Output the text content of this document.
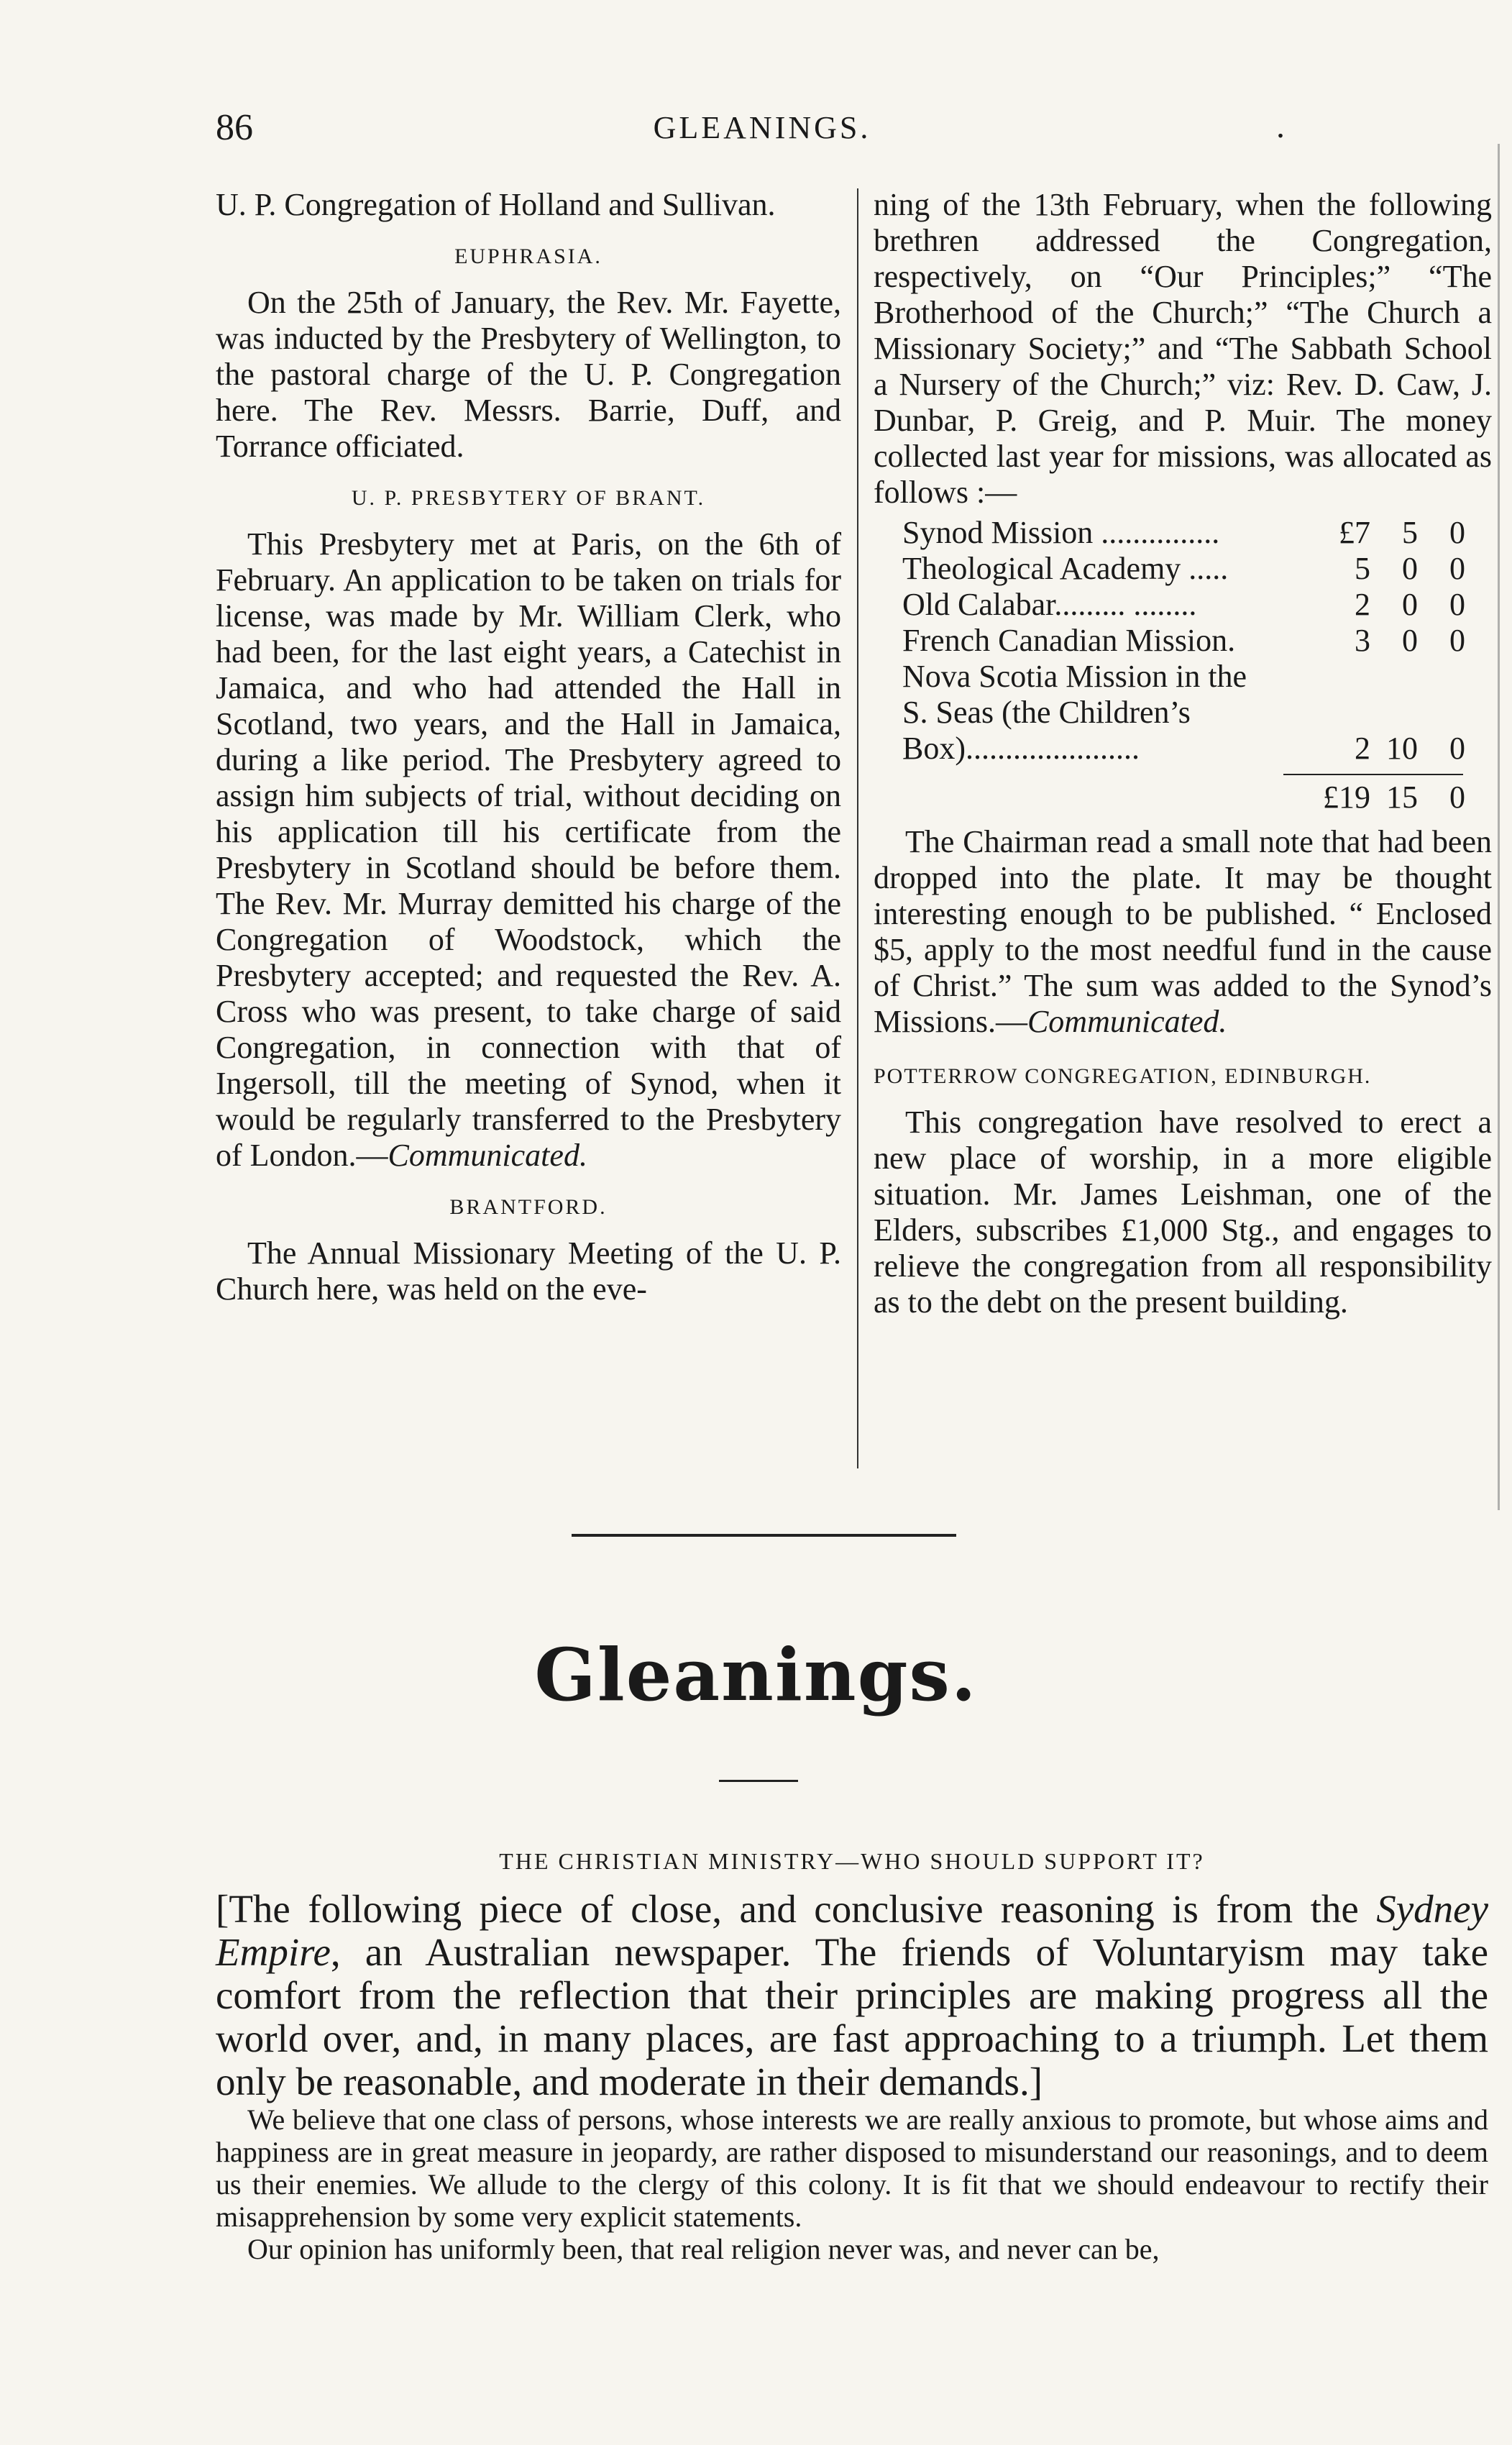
86	GLEANINGS.	.

U. P. Congregation of Holland and Sullivan.

EUPHRASIA.

On the 25th of January, the Rev. Mr. Fayette, was inducted by the Presbytery of Wellington, to the pastoral charge of the U. P. Congregation here. The Rev. Messrs. Barrie, Duff, and Torrance officiated.

U. P. PRESBYTERY OF BRANT.

This Presbytery met at Paris, on the 6th of February. An application to be taken on trials for license, was made by Mr. William Clerk, who had been, for the last eight years, a Catechist in Jamaica, and who had attended the Hall in Scotland, two years, and the Hall in Jamaica, during a like period. The Presbytery agreed to assign him subjects of trial, without deciding on his application till his certificate from the Presbytery in Scotland should be before them. The Rev. Mr. Murray demitted his charge of the Congregation of Woodstock, which the Presbytery accepted; and requested the Rev. A. Cross who was present, to take charge of said Congregation, in connection with that of Ingersoll, till the meeting of Synod, when it would be regularly transferred to the Presbytery of London.—Communicated.

BRANTFORD.

The Annual Missionary Meeting of the U. P. Church here, was held on the eve-

ning of the 13th February, when the following brethren addressed the Congregation, respectively, on “Our Principles;” “The Brotherhood of the Church;” “The Church a Missionary Society;” and “The Sabbath School a Nursery of the Church;” viz: Rev. D. Caw, J. Dunbar, P. Greig, and P. Muir. The money collected last year for missions, was allocated as follows :—

Synod Mission ...............	£7	5	0
Theological Academy .....	5	0	0
Old Calabar......... ........	2	0	0
French Canadian Mission.	3	0	0
Nova Scotia Mission in the			
S. Seas (the Children’s			
Box)......................	2	10	0
	£19	15	0

The Chairman read a small note that had been dropped into the plate. It may be thought interesting enough to be published. “ Enclosed $5, apply to the most needful fund in the cause of Christ.” The sum was added to the Synod’s Missions.—Communicated.

POTTERROW CONGREGATION, EDINBURGH.

This congregation have resolved to erect a new place of worship, in a more eligible situation. Mr. James Leishman, one of the Elders, subscribes £1,000 Stg., and engages to relieve the congregation from all responsibility as to the debt on the present building.

Gleanings.
THE CHRISTIAN MINISTRY—WHO SHOULD SUPPORT IT?

[The following piece of close, and conclusive reasoning is from the Sydney Empire, an Australian newspaper. The friends of Voluntaryism may take comfort from the reflection that their principles are making progress all the world over, and, in many places, are fast approaching to a triumph. Let them only be reasonable, and moderate in their demands.]

We believe that one class of persons, whose interests we are really anxious to promote, but whose aims and happiness are in great measure in jeopardy, are rather disposed to misunderstand our reasonings, and to deem us their enemies. We allude to the clergy of this colony. It is fit that we should endeavour to rectify their misapprehension by some very explicit statements.

Our opinion has uniformly been, that real religion never was, and never can be,
